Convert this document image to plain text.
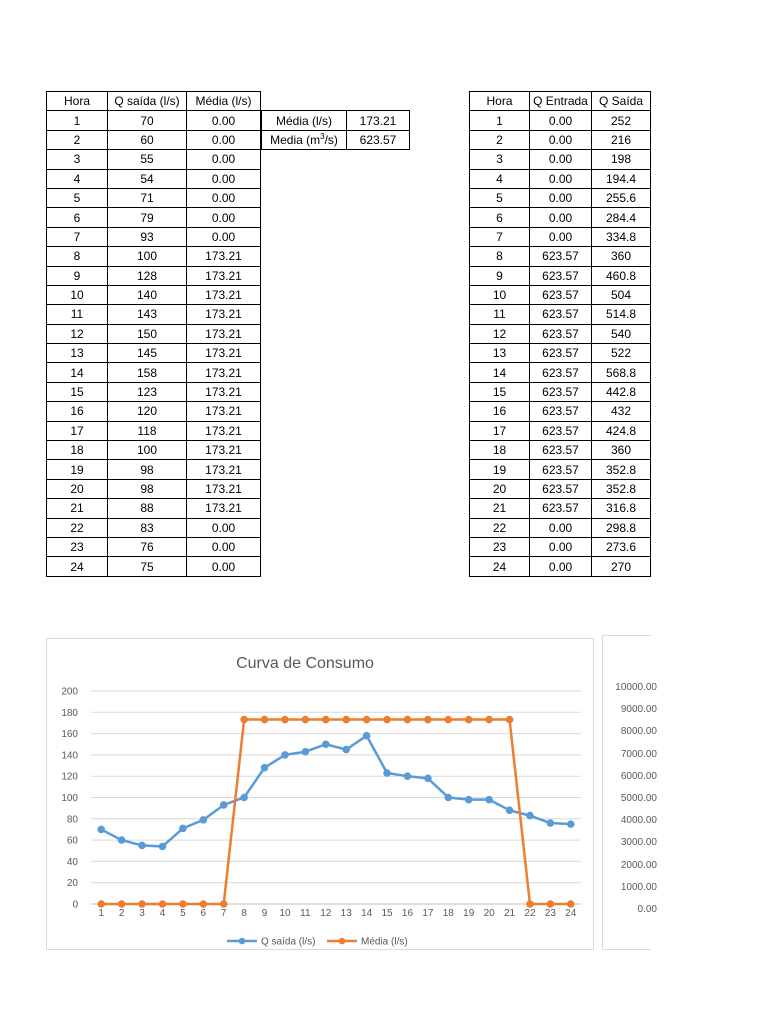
Hora	Q saída (l/s)	Média (l/s)
1	70	0.00
2	60	0.00
3	55	0.00
4	54	0.00
5	71	0.00
6	79	0.00
7	93	0.00
8	100	173.21
9	128	173.21
10	140	173.21
11	143	173.21
12	150	173.21
13	145	173.21
14	158	173.21
15	123	173.21
16	120	173.21
17	118	173.21
18	100	173.21
19	98	173.21
20	98	173.21
21	88	173.21
22	83	0.00
23	76	0.00
24	75	0.00
Média (l/s)	173.21
Media $(m^3/s)$	623.57
Hora	Q Entrada	Q Saída
1	0.00	252
2	0.00	216
3	0.00	198
4	0.00	194.4
5	0.00	255.6
6	0.00	284.4
7	0.00	334.8
8	623.57	360
9	623.57	460.8
10	623.57	504
11	623.57	514.8
12	623.57	540
13	623.57	522
14	623.57	568.8
15	623.57	442.8
16	623.57	432
17	623.57	424.8
18	623.57	360
19	623.57	352.8
20	623.57	352.8
21	623.57	316.8
22	0.00	298.8
23	0.00	273.6
24	0.00	270
Curva de Consumo
0
20
40
60
80
100
120
140
160
180
200
1 2 3 4 5 6 7 8 9 10 11 12 13 14 15 16 17 18 19 20 21 22 23 24
Q saída (l/s)	Média (l/s)
10000.00
9000.00
8000.00
7000.00
6000.00
5000.00
4000.00
3000.00
2000.00
1000.00
0.00
